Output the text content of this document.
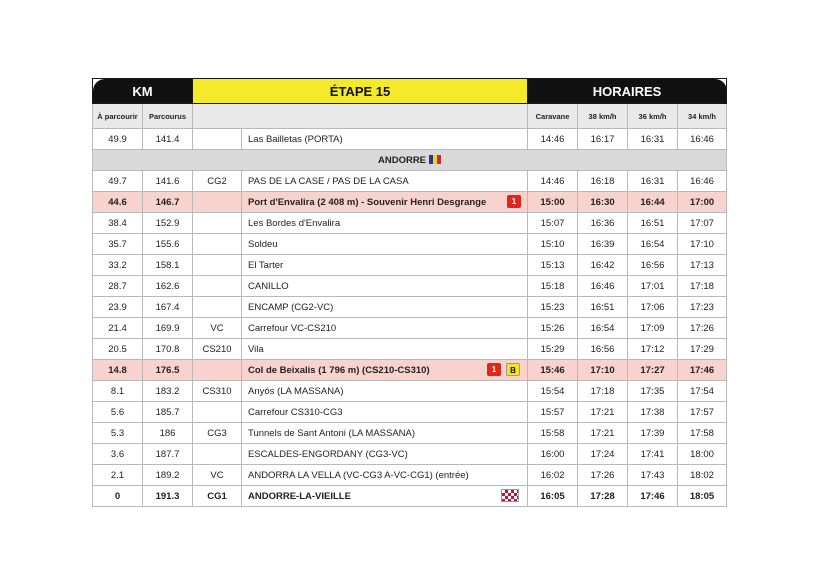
KM		ÉTAPE 15		HORAIRES			
À parcourir	Parcourus			Caravane	38 km/h	36 km/h	34 km/h
49.9	141.4		Las Bailletas (PORTA)	14:46	16:17	16:31	16:46
ANDORRE							
49.7	141.6	CG2	PAS DE LA CASE / PAS DE LA CASA	14:46	16:18	16:31	16:46
44.6	146.7		Port d'Envalira (2 408 m) - Souvenir Henri Desgrange 1	15:00	16:30	16:44	17:00
38.4	152.9		Les Bordes d'Envalira	15:07	16:36	16:51	17:07
35.7	155.6		Soldeu	15:10	16:39	16:54	17:10
33.2	158.1		El Tarter	15:13	16:42	16:56	17:13
28.7	162.6		CANILLO	15:18	16:46	17:01	17:18
23.9	167.4		ENCAMP (CG2-VC)	15:23	16:51	17:06	17:23
21.4	169.9	VC	Carrefour VC-CS210	15:26	16:54	17:09	17:26
20.5	170.8	CS210	Vila	15:29	16:56	17:12	17:29
14.8	176.5		Col de Beixalis (1 796 m) (CS210-CS310) 1 B	15:46	17:10	17:27	17:46
8.1	183.2	CS310	Anyós (LA MASSANA)	15:54	17:18	17:35	17:54
5.6	185.7		Carrefour CS310-CG3	15:57	17:21	17:38	17:57
5.3	186	CG3	Tunnels de Sant Antoni (LA MASSANA)	15:58	17:21	17:39	17:58
3.6	187.7		ESCALDES-ENGORDANY (CG3-VC)	16:00	17:24	17:41	18:00
2.1	189.2	VC	ANDORRA LA VELLA (VC-CG3 A-VC-CG1) (entrée)	16:02	17:26	17:43	18:02
0	191.3	CG1	ANDORRE-LA-VIEILLE	16:05	17:28	17:46	18:05
